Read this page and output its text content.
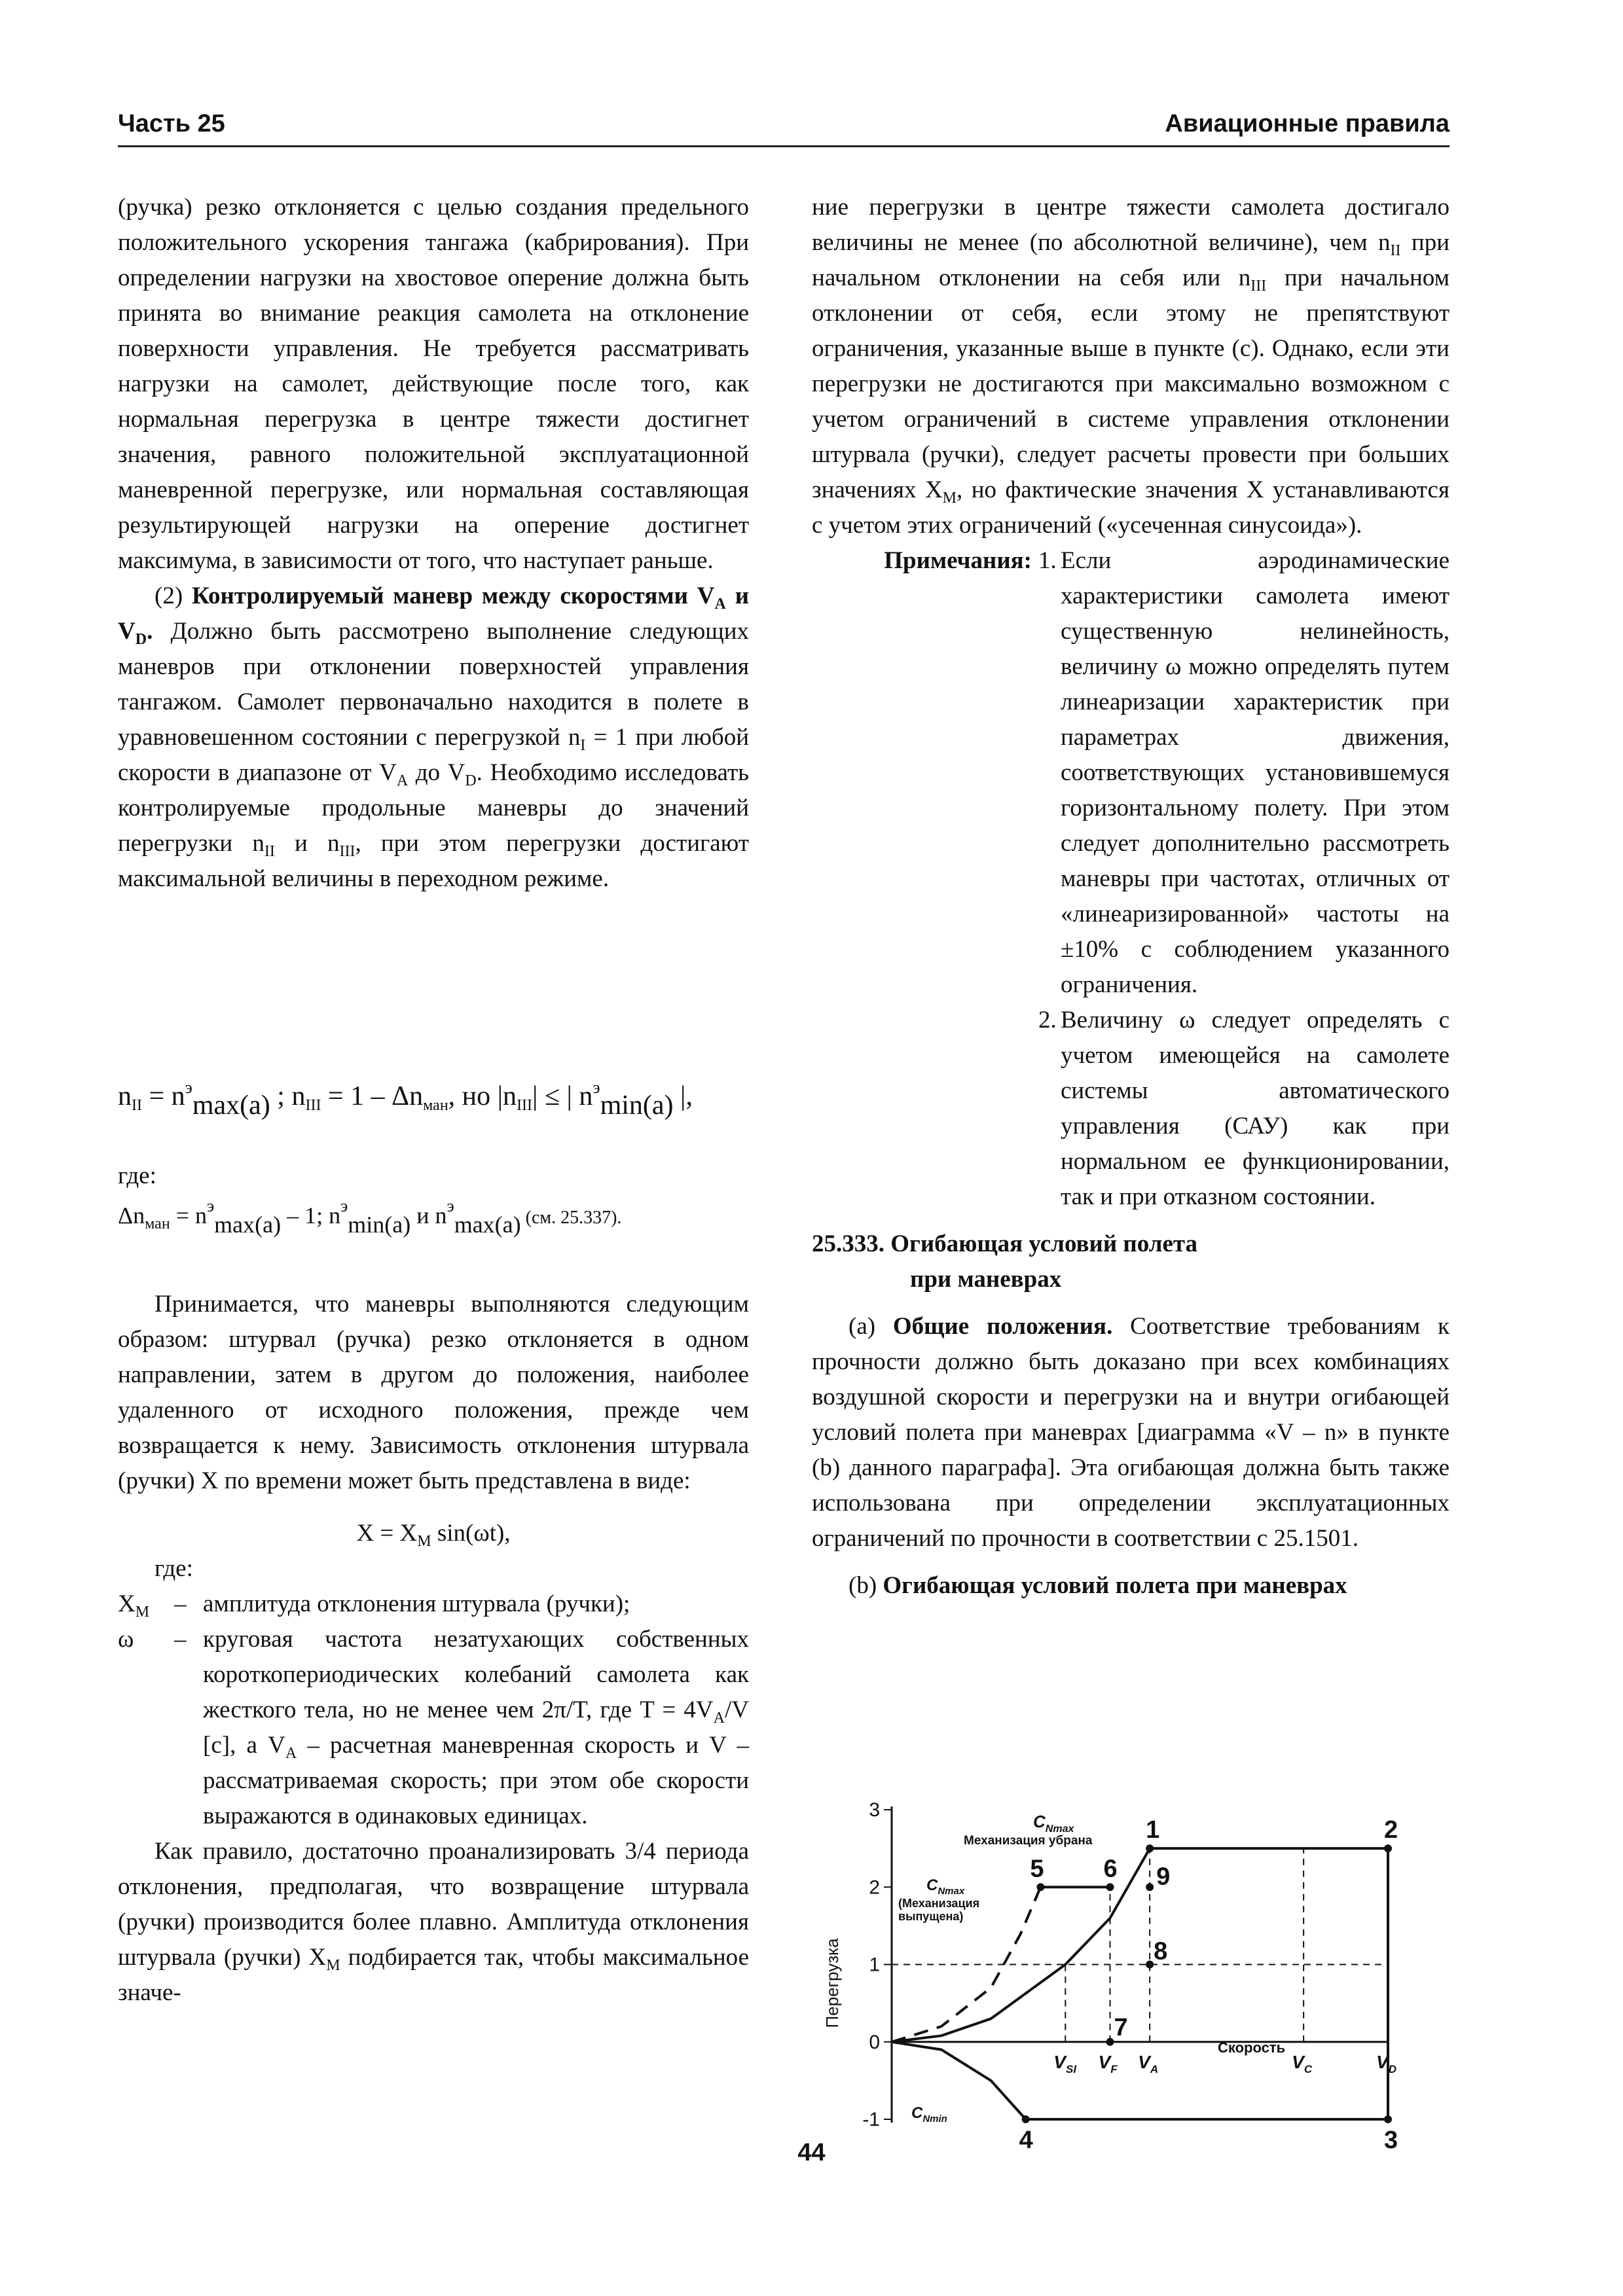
Часть 25	Авиационные правила

(ручка) резко отклоняется с целью создания предельного положительного ускорения тангажа (кабрирования). При определении нагрузки на хвостовое оперение должна быть принята во внимание реакция самолета на отклонение поверхности управления. Не требуется рассматривать нагрузки на самолет, действующие после того, как нормальная перегрузка в центре тяжести достигнет значения, равного положительной эксплуатационной маневренной перегрузке, или нормальная составляющая результирующей нагрузки на оперение достигнет максимума, в зависимости от того, что наступает раньше.

(2) Контролируемый маневр между скоростями $V_A$ и $V_D$. Должно быть рассмотрено выполнение следующих маневров при отклонении поверхностей управления тангажом. Самолет первоначально находится в полете в уравновешенном состоянии с перегрузкой $n_I = 1$ при любой скорости в диапазоне от $V_A$ до $V_D$. Необходимо исследовать контролируемые продольные маневры до значений перегрузки $n_{II}$ и $n_{III}$, при этом перегрузки достигают максимальной величины в переходном режиме.

$n_{II} = n^э\max(a)$ ; $n_{III} = 1 - \Delta n_{ман}$, но $|n_{III}|$ ≤ | $n^э\min(a)$ |,
где:
$\Delta n_{ман} = n^э\max(a) - 1$; $n^э\min(a)$ и $n^э\max(a)$ (см. 25.337).

Принимается, что маневры выполняются следующим образом: штурвал (ручка) резко отклоняется в одном направлении, затем в другом до положения, наиболее удаленного от исходного положения, прежде чем возвращается к нему. Зависимость отклонения штурвала (ручки) X по времени может быть представлена в виде:

$X = X_M$ sin(ωt),

где:

$X_M$	– амплитуда отклонения штурвала (ручки);
ω	– круговая частота незатухающих собственных короткопериодических колебаний самолета как жесткого тела, но не менее чем 2π/T, где $T = 4V_A/V$ [c], а $V_A$ – расчетная маневренная скорость и V – рассматриваемая скорость; при этом обе скорости выражаются в одинаковых единицах.

Как правило, достаточно проанализировать 3/4 периода отклонения, предполагая, что возвращение штурвала (ручки) производится более плавно. Амплитуда отклонения штурвала (ручки) $X_M$ подбирается так, чтобы максимальное значе-

ние перегрузки в центре тяжести самолета достигало величины не менее (по абсолютной величине), чем $n_{II}$ при начальном отклонении на себя или $n_{III}$ при начальном отклонении от себя, если этому не препятствуют ограничения, указанные выше в пункте (c). Однако, если эти перегрузки не достигаются при максимально возможном с учетом ограничений в системе управления отклонении штурвала (ручки), следует расчеты провести при больших значениях $X_M$, но фактические значения X устанавливаются с учетом этих ограничений («усеченная синусоида»).

Примечания: 1. Если аэродинамические характеристики самолета имеют существенную нелинейность, величину ω можно определять путем линеаризации характеристик при параметрах движения, соответствующих установившемуся горизонтальному полету. При этом следует дополнительно рассмотреть маневры при частотах, отличных от «линеаризированной» частоты на ±10% с соблюдением указанного ограничения.
2. Величину ω следует определять с учетом имеющейся на самолете системы автоматического управления (САУ) как при нормальном ее функционировании, так и при отказном состоянии.
25.333. Огибающая условий полета
при маневрах

(a) Общие положения. Соответствие требованиям к прочности должно быть доказано при всех комбинациях воздушной скорости и перегрузки на и внутри огибающей условий полета при маневрах [диаграмма «V – n» в пункте (b) данного параграфа]. Эта огибающая должна быть также использована при определении эксплуатационных ограничений по прочности в соответствии с 25.1501.

(b) Огибающая условий полета при маневрах

3
2
1
0
-1
Перегрузка
$V_{SI}$ $V_F$ $V_A$	$V_C$	$V_D$
1	2
3
4
5 6
7
8
9
$C_{Nmax}$
Механизация убрана
$C_{Nmax}$
(Механизация
выпущена)
$C_{Nmin}$
Скорость
44
